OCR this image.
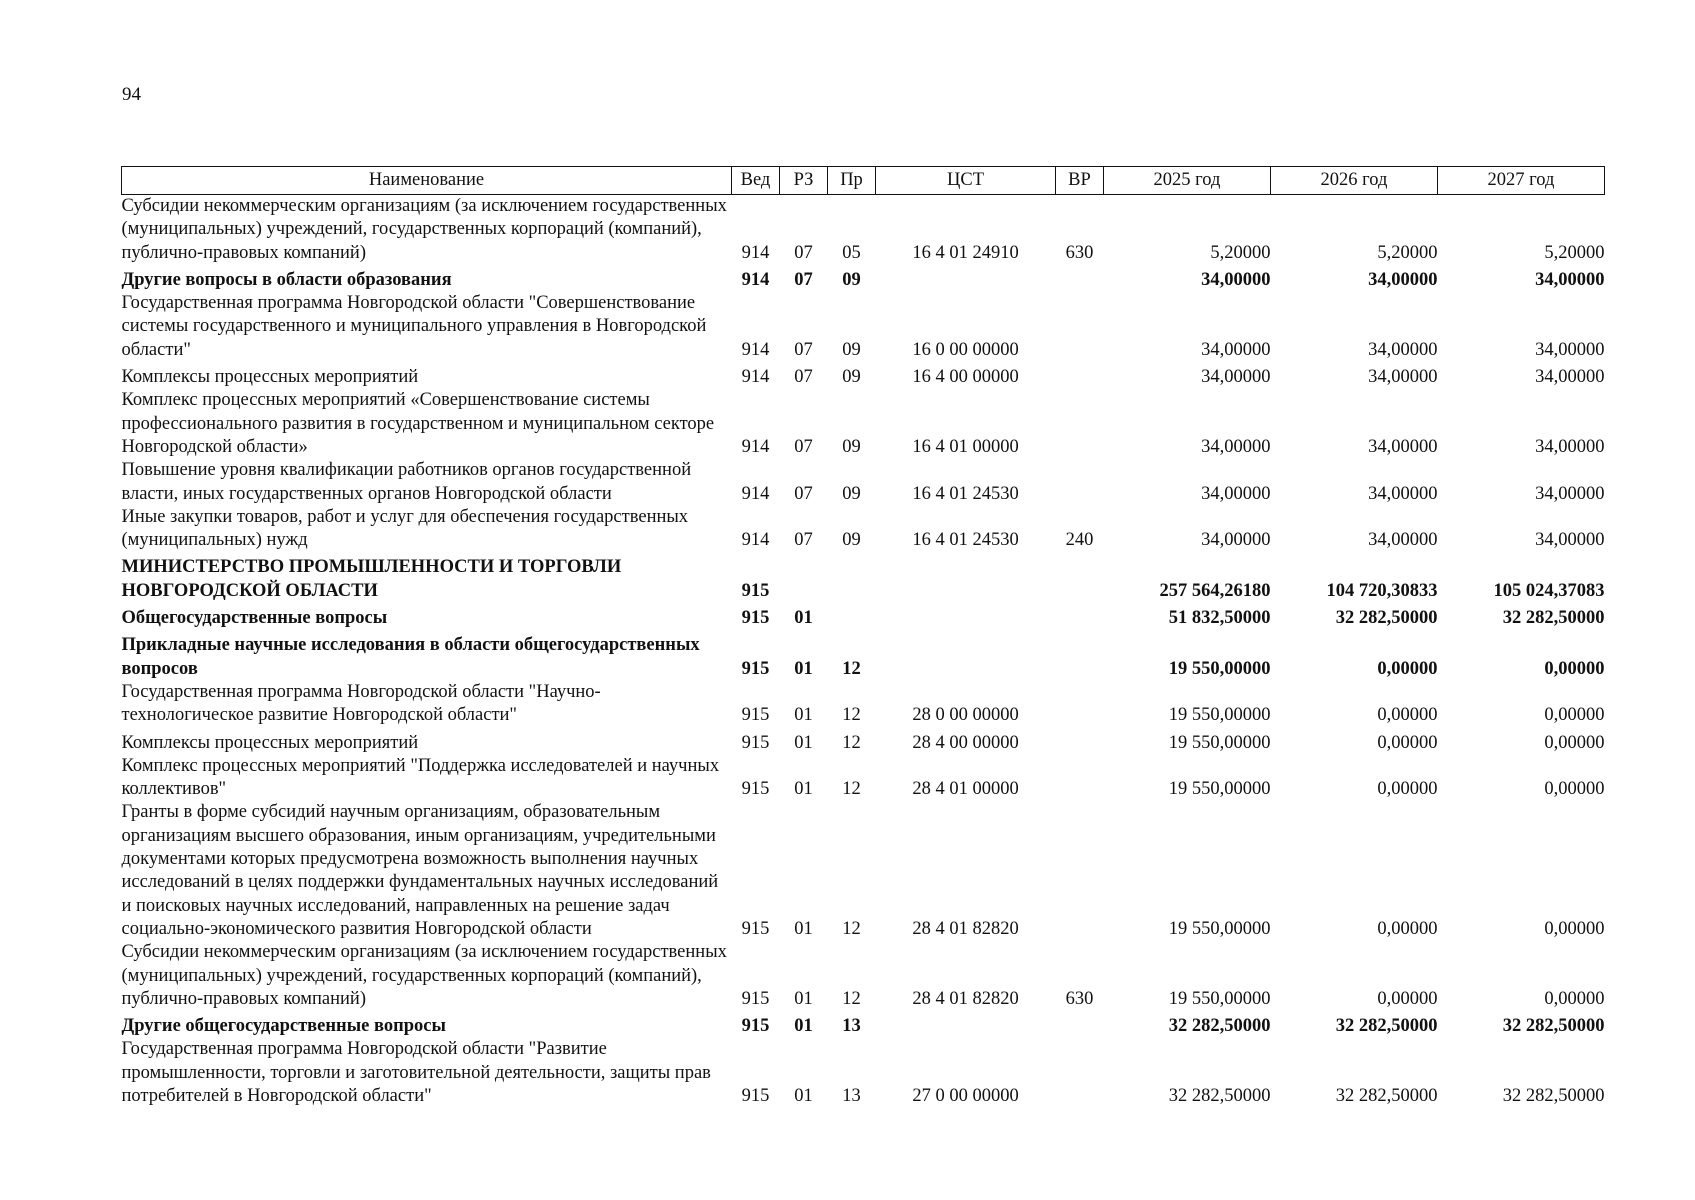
94
Наименование	Вед	РЗ	Пр	ЦСТ	ВР	2025 год	2026 год	2027 год
Субсидии некоммерческим организациям (за исключением государственных (муниципальных) учреждений, государственных корпораций (компаний), публично-правовых компаний)	914	07	05	16 4 01 24910	630	5,20000	5,20000	5,20000
Другие вопросы в области образования	914	07	09			34,00000	34,00000	34,00000
Государственная программа Новгородской области "Совершенствование системы государственного и муниципального управления в Новгородской области"	914	07	09	16 0 00 00000		34,00000	34,00000	34,00000
Комплексы процессных мероприятий	914	07	09	16 4 00 00000		34,00000	34,00000	34,00000
Комплекс процессных мероприятий «Совершенствование системы профессионального развития в государственном и муниципальном секторе Новгородской области»	914	07	09	16 4 01 00000		34,00000	34,00000	34,00000
Повышение уровня квалификации работников органов государственной власти, иных государственных органов Новгородской области	914	07	09	16 4 01 24530		34,00000	34,00000	34,00000
Иные закупки товаров, работ и услуг для обеспечения государственных (муниципальных) нужд	914	07	09	16 4 01 24530	240	34,00000	34,00000	34,00000
МИНИСТЕРСТВО ПРОМЫШЛЕННОСТИ И ТОРГОВЛИ НОВГОРОДСКОЙ ОБЛАСТИ	915					257 564,26180	104 720,30833	105 024,37083
Общегосударственные вопросы	915	01				51 832,50000	32 282,50000	32 282,50000
Прикладные научные исследования в области общегосударственных вопросов	915	01	12			19 550,00000	0,00000	0,00000
Государственная программа Новгородской области "Научно-технологическое развитие Новгородской области"	915	01	12	28 0 00 00000		19 550,00000	0,00000	0,00000
Комплексы процессных мероприятий	915	01	12	28 4 00 00000		19 550,00000	0,00000	0,00000
Комплекс процессных мероприятий "Поддержка исследователей и научных коллективов"	915	01	12	28 4 01 00000		19 550,00000	0,00000	0,00000
Гранты в форме субсидий научным организациям, образовательным организациям высшего образования, иным организациям, учредительными документами которых предусмотрена возможность выполнения научных исследований в целях поддержки фундаментальных научных исследований и поисковых научных исследований, направленных на решение задач социально-экономического развития Новгородской области	915	01	12	28 4 01 82820		19 550,00000	0,00000	0,00000
Субсидии некоммерческим организациям (за исключением государственных (муниципальных) учреждений, государственных корпораций (компаний), публично-правовых компаний)	915	01	12	28 4 01 82820	630	19 550,00000	0,00000	0,00000
Другие общегосударственные вопросы	915	01	13			32 282,50000	32 282,50000	32 282,50000
Государственная программа Новгородской области "Развитие промышленности, торговли и заготовительной деятельности, защиты прав потребителей в Новгородской области"	915	01	13	27 0 00 00000		32 282,50000	32 282,50000	32 282,50000
